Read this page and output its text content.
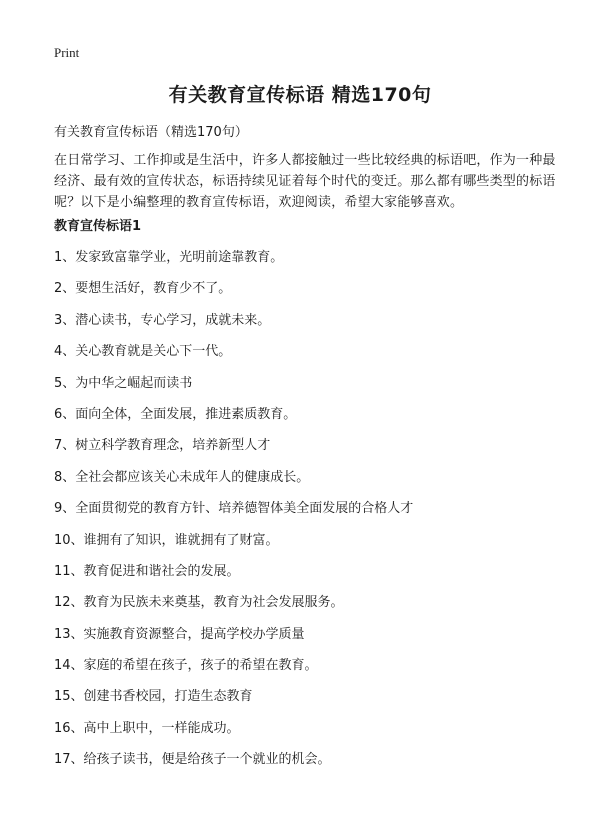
Print
有关教育宣传标语 精选170句

有关教育宣传标语（精选170句）

在日常学习、工作抑或是生活中，许多人都接触过一些比较经典的标语吧，作为一种最经济、最有效的宣传状态，标语持续见证着每个时代的变迁。那么都有哪些类型的标语呢？以下是小编整理的教育宣传标语，欢迎阅读，希望大家能够喜欢。

教育宣传标语1
1、发家致富靠学业，光明前途靠教育。
2、要想生活好，教育少不了。
3、潜心读书，专心学习，成就未来。
4、关心教育就是关心下一代。
5、为中华之崛起而读书
6、面向全体，全面发展，推进素质教育。
7、树立科学教育理念，培养新型人才
8、全社会都应该关心未成年人的健康成长。
9、全面贯彻党的教育方针、培养德智体美全面发展的合格人才
10、谁拥有了知识，谁就拥有了财富。
11、教育促进和谐社会的发展。
12、教育为民族未来奠基，教育为社会发展服务。
13、实施教育资源整合，提高学校办学质量
14、家庭的希望在孩子，孩子的希望在教育。
15、创建书香校园，打造生态教育
16、高中上职中，一样能成功。
17、给孩子读书，便是给孩子一个就业的机会。
